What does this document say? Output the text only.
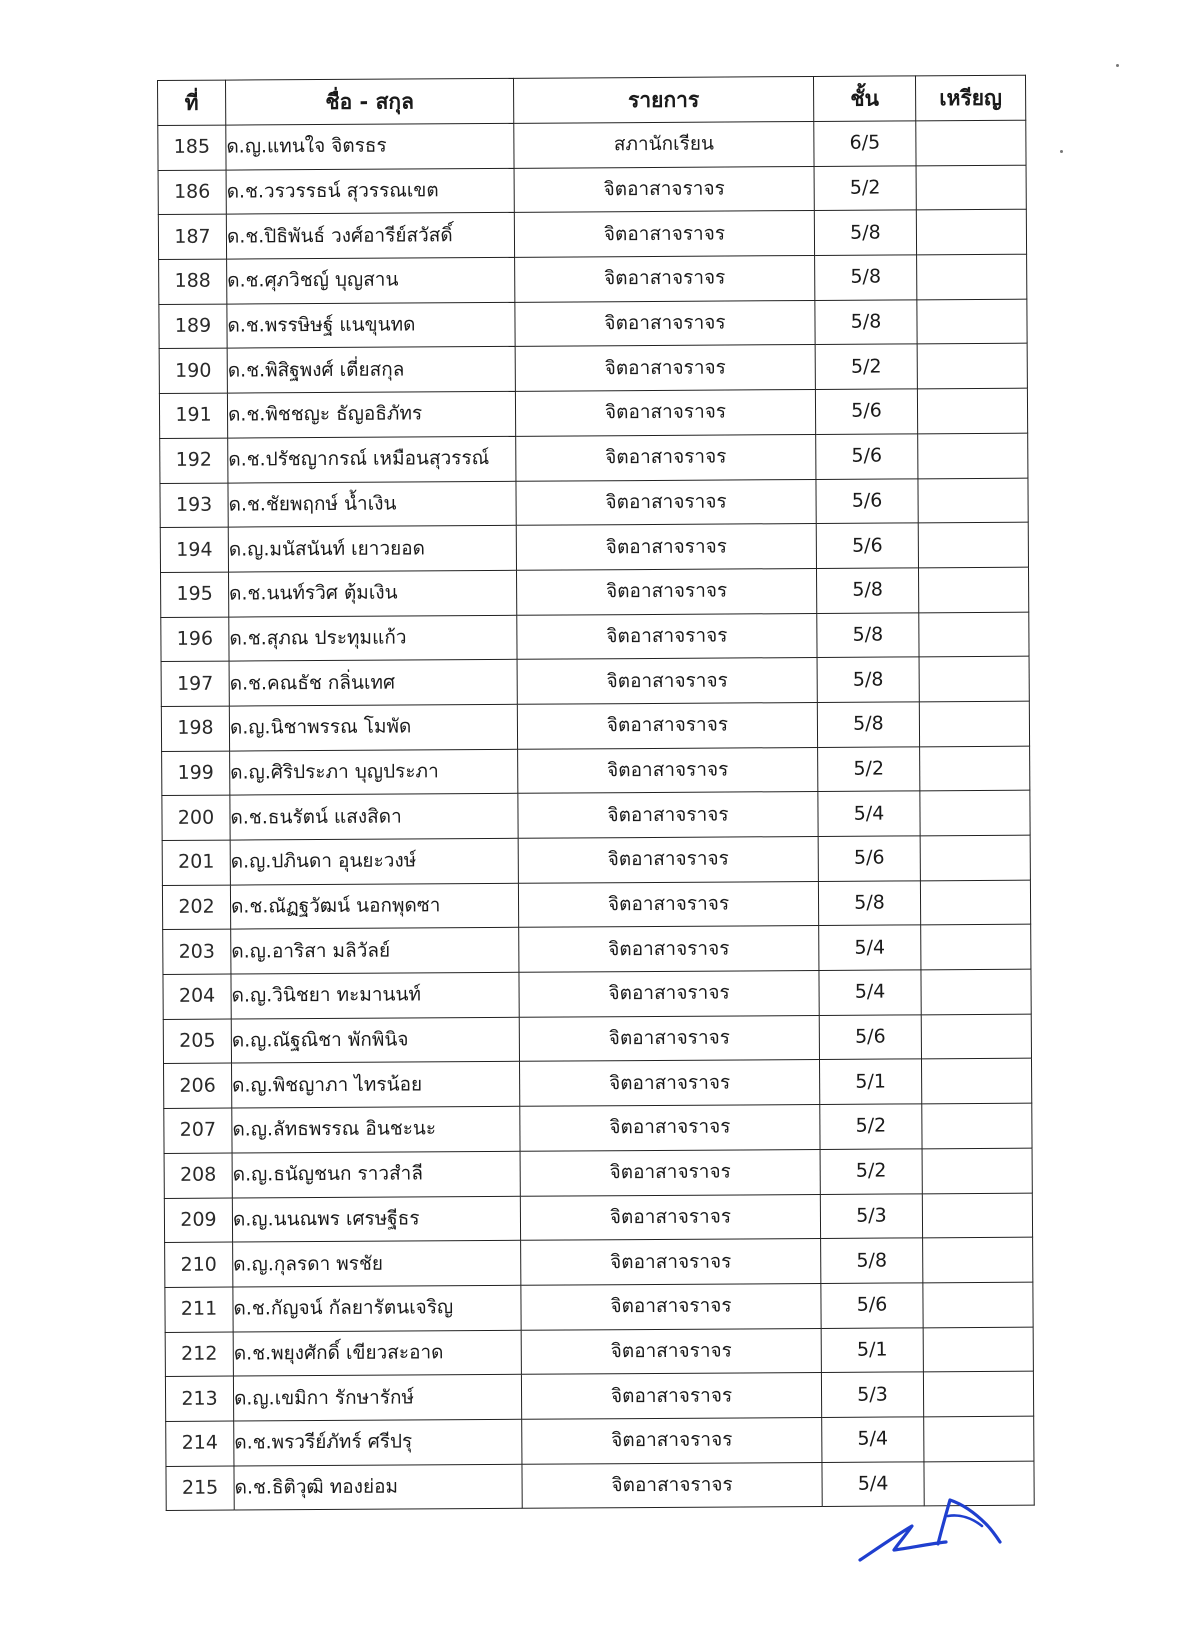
ที่	ชื่อ - สกุล	รายการ	ชั้น	เหรียญ
185	ด.ญ.แทนใจ จิตรธร	สภานักเรียน	6/5	
186	ด.ช.วรวรรธน์ สุวรรณเขต	จิตอาสาจราจร	5/2	
187	ด.ช.ปิธิพันธ์ วงศ์อารีย์สวัสดิ์	จิตอาสาจราจร	5/8	
188	ด.ช.ศุภวิชญ์ บุญสาน	จิตอาสาจราจร	5/8	
189	ด.ช.พรรษิษฐ์ แนขุนทด	จิตอาสาจราจร	5/8	
190	ด.ช.พิสิฐพงศ์ เตี่ยสกุล	จิตอาสาจราจร	5/2	
191	ด.ช.พิชชญะ ธัญอธิภัทร	จิตอาสาจราจร	5/6	
192	ด.ช.ปรัชญากรณ์ เหมือนสุวรรณ์	จิตอาสาจราจร	5/6	
193	ด.ช.ชัยพฤกษ์ น้ำเงิน	จิตอาสาจราจร	5/6	
194	ด.ญ.มนัสนันท์ เยาวยอด	จิตอาสาจราจร	5/6	
195	ด.ช.นนท์รวิศ ตุ้มเงิน	จิตอาสาจราจร	5/8	
196	ด.ช.สุภณ ประทุมแก้ว	จิตอาสาจราจร	5/8	
197	ด.ช.คณธัช กลิ่นเทศ	จิตอาสาจราจร	5/8	
198	ด.ญ.นิชาพรรณ โมพัด	จิตอาสาจราจร	5/8	
199	ด.ญ.ศิริประภา บุญประภา	จิตอาสาจราจร	5/2	
200	ด.ช.ธนรัตน์ แสงสิดา	จิตอาสาจราจร	5/4	
201	ด.ญ.ปภินดา อุนยะวงษ์	จิตอาสาจราจร	5/6	
202	ด.ช.ณัฏฐวัฒน์ นอกพุดซา	จิตอาสาจราจร	5/8	
203	ด.ญ.อาริสา มลิวัลย์	จิตอาสาจราจร	5/4	
204	ด.ญ.วินิชยา ทะมานนท์	จิตอาสาจราจร	5/4	
205	ด.ญ.ณัฐณิชา พักพินิจ	จิตอาสาจราจร	5/6	
206	ด.ญ.พิชญาภา ไทรน้อย	จิตอาสาจราจร	5/1	
207	ด.ญ.ลัทธพรรณ อินชะนะ	จิตอาสาจราจร	5/2	
208	ด.ญ.ธนัญชนก ราวสำลี	จิตอาสาจราจร	5/2	
209	ด.ญ.นนณพร เศรษฐีธร	จิตอาสาจราจร	5/3	
210	ด.ญ.กุลรดา พรชัย	จิตอาสาจราจร	5/8	
211	ด.ช.กัญจน์ กัลยารัตนเจริญ	จิตอาสาจราจร	5/6	
212	ด.ช.พยุงศักดิ์ เขียวสะอาด	จิตอาสาจราจร	5/1	
213	ด.ญ.เขมิกา รักษารักษ์	จิตอาสาจราจร	5/3	
214	ด.ช.พรวรีย์ภัทร์ ศรีปรุ	จิตอาสาจราจร	5/4	
215	ด.ช.ธิติวุฒิ ทองย่อม	จิตอาสาจราจร	5/4	
